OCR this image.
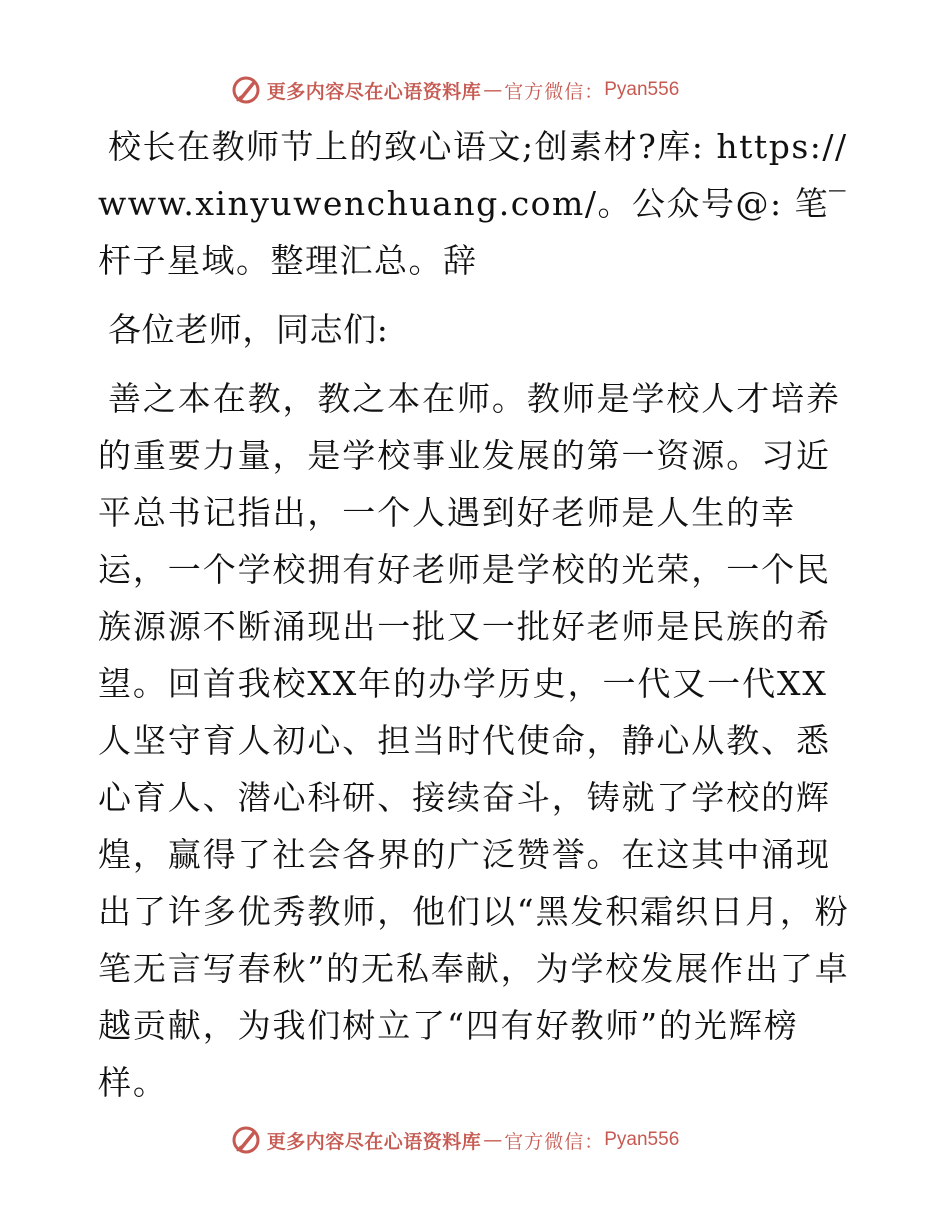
更多内容尽在心语资料库 — 官方微信： Pyan556

校长在教师节上的致心语文;创素材?库: https://www.xinyuwenchuang.com/。公众号@: 笔‾杆子星域。整理汇总。辞

各位老师，同志们:

善之本在教，教之本在师。教师是学校人才培养的重要力量，是学校事业发展的第一资源。习近平总书记指出，一个人遇到好老师是人生的幸运，一个学校拥有好老师是学校的光荣，一个民族源源不断涌现出一批又一批好老师是民族的希望。回首我校XX年的办学历史，一代又一代XX人坚守育人初心、担当时代使命，静心从教、悉心育人、潜心科研、接续奋斗，铸就了学校的辉煌，赢得了社会各界的广泛赞誉。在这其中涌现出了许多优秀教师，他们以“黑发积霜织日月，粉笔无言写春秋”的无私奉献，为学校发展作出了卓越贡献，为我们树立了“四有好教师”的光辉榜样。

更多内容尽在心语资料库 — 官方微信： Pyan556
